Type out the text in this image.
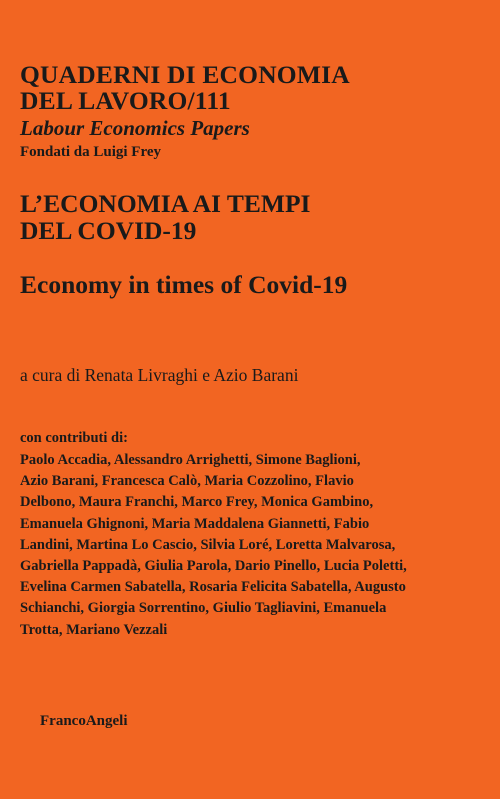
QUADERNI DI ECONOMIA
DEL LAVORO/111
Labour Economics Papers
Fondati da Luigi Frey
L’ECONOMIA AI TEMPI
DEL COVID-19
Economy in times of Covid-19
a cura di Renata Livraghi e Azio Barani
con contributi di:
Paolo Accadia, Alessandro Arrighetti, Simone Baglioni,
Azio Barani, Francesca Calò, Maria Cozzolino, Flavio
Delbono, Maura Franchi, Marco Frey, Monica Gambino,
Emanuela Ghignoni, Maria Maddalena Giannetti, Fabio
Landini, Martina Lo Cascio, Silvia Loré, Loretta Malvarosa,
Gabriella Pappadà, Giulia Parola, Dario Pinello, Lucia Poletti,
Evelina Carmen Sabatella, Rosaria Felicita Sabatella, Augusto
Schianchi, Giorgia Sorrentino, Giulio Tagliavini, Emanuela
Trotta, Mariano Vezzali
FrancoAngeli
